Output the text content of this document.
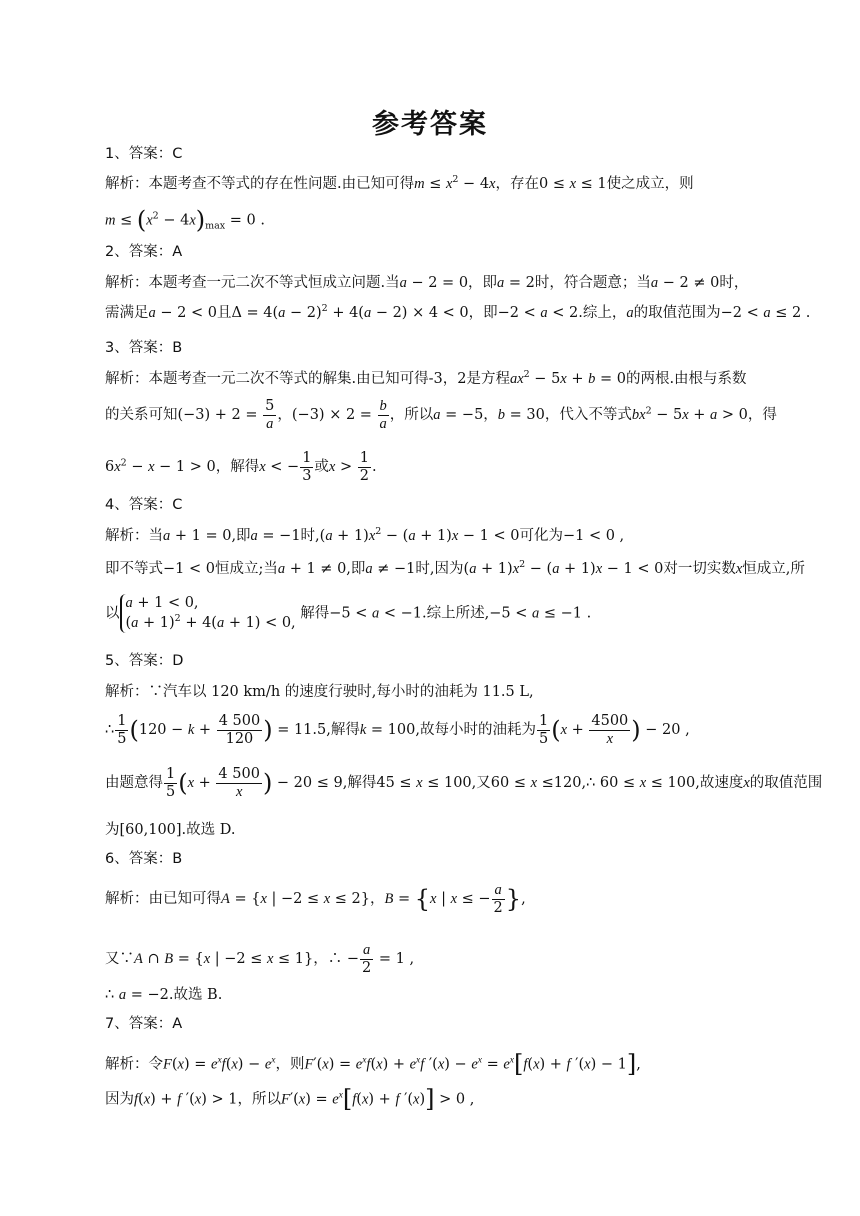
参考答案
1、答案：C
解析：本题考查不等式的存在性问题.由已知可得$m \le x^2 - 4x$，存在0 ≤ x ≤ 1使之成立，则
$m \le (x^2 - 4x)_{max} = 0$ .
2、答案：A
解析：本题考查一元二次不等式恒成立问题.当a − 2 = 0，即a = 2时，符合题意；当a − 2 ≠ 0时，
需满足a − 2 < 0且$\Delta = 4(a - 2)^2 + 4(a - 2) \times 4 < 0$，即−2 < a < 2.综上，a的取值范围为−2 < a ≤ 2 .
3、答案：B
解析：本题考查一元二次不等式的解集.由已知可得-3，2是方程$ax^2 - 5x + b = 0$的两根.由根与系数
的关系可知$(-3) + 2 = \frac{5}{a}$ ，$(-3) \times 2 = \frac{b}{a}$ ，所以a = −5，b = 30，代入不等式$bx^2 - 5x + a > 0$，得
$6x^2 - x - 1 > 0$，解得x < − $\frac{1}{3}$ 或$x > \frac{1}{2}$ .
4、答案：C
解析：当a + 1 = 0,即a = −1时$,(a + 1)x^2 - (a + 1)x - 1 < 0$可化为−1 < 0 ,
即不等式−1 < 0恒成立;当a + 1 ≠ 0,即a ≠ −1时,因为$(a + 1)x^2 - (a + 1)x - 1 < 0$对一切实数x恒成立,所
以a + 1 < 0,
$(a + 1)^2 + 4(a + 1) < 0$, 解得−5 < a < −1.综上所述,−5 < a ≤ −1 .
5、答案：D
解析：∵汽车以 120 km/h 的速度行驶时,每小时的油耗为 11.5 L,
∴ $\frac{1}{5} (120 - k + \frac{4 500}{120}$ ) = 11.5,解得k = 100,故每小时的油耗为 $\frac{1}{5} (x + \frac{4500}{x}$ ) − 20 ,
由题意得 $\frac{1}{5} (x + \frac{4 500}{x}$ ) − 20 ≤ 9,解得45 ≤ x ≤ 100,又60 ≤ x ≤120,∴ 60 ≤ x ≤ 100,故速度x的取值范围
为[60,100].故选 D.
6、答案：B
解析：由已知可得A = {x | −2 ≤ x ≤ 2}，B = {x | x ≤ − $\frac{a}{2}$ },
又∵A ∩ B = {x | −2 ≤ x ≤ 1}，∴ − $\frac{a}{2} = 1$ ,
∴ a = −2.故选 B.
7、答案：A
解析：令$F(x) = e^xf(x) - e^x$，则$F'(x) = e^xf(x) + e^xf$ $'(x) - e^x = e^x[f(x) + f$ ′(x) − 1],
因为f(x) + f ′(x) > 1，所以$F'(x) = e^x[f(x) + f$ ′(x)] > 0 ,
